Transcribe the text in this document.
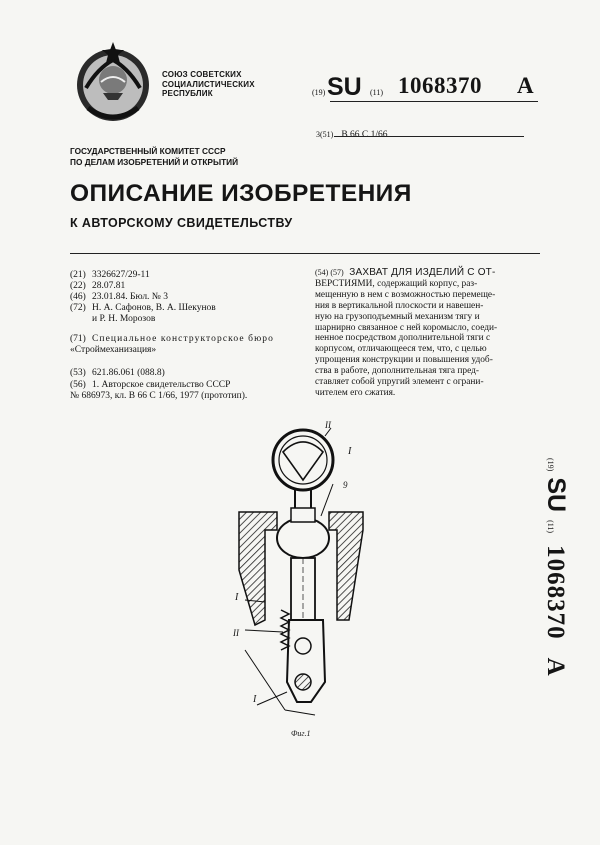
СОЮЗ СОВЕТСКИХ
СОЦИАЛИСТИЧЕСКИХ
РЕСПУБЛИК	(19) SU (11) 1068370 A
3(51) В 66 С 1/66
ГОСУДАРСТВЕННЫЙ КОМИТЕТ СССР
ПО ДЕЛАМ ИЗОБРЕТЕНИЙ И ОТКРЫТИЙ
ОПИСАНИЕ ИЗОБРЕТЕНИЯ
К АВТОРСКОМУ СВИДЕТЕЛЬСТВУ
(21) 3326627/29-11
(22) 28.07.81
(46) 23.01.84. Бюл. № 3
(72) Н. А. Сафонов, В. А. Шекунов
и Р. Н. Морозов
(71) Специальное конструкторское бюро
«Строймеханизация»
(53) 621.86.061 (088.8)
(56) 1. Авторское свидетельство СССР
№ 686973, кл. В 66 С 1/66, 1977 (прототип).
(54) (57) ЗАХВАТ ДЛЯ ИЗДЕЛИЙ С ОТ-
ВЕРСТИЯМИ, содержащий корпус, раз-
мещенную в нем с возможностью перемеще-
ния в вертикальной плоскости и навешен-
ную на грузоподъемный механизм тягу и
шарнирно связанное с ней коромысло, соеди-
ненное посредством дополнительной тяги с
корпусом, отличающееся тем, что, с целью
упрощения конструкции и повышения удоб-
ства в работе, дополнительная тяга пред-
ставляет собой упругий элемент с ограни-
чителем его сжатия.
II
I
9
I
II
I
Фиг.1
(19) SU (11) 1068370 A
